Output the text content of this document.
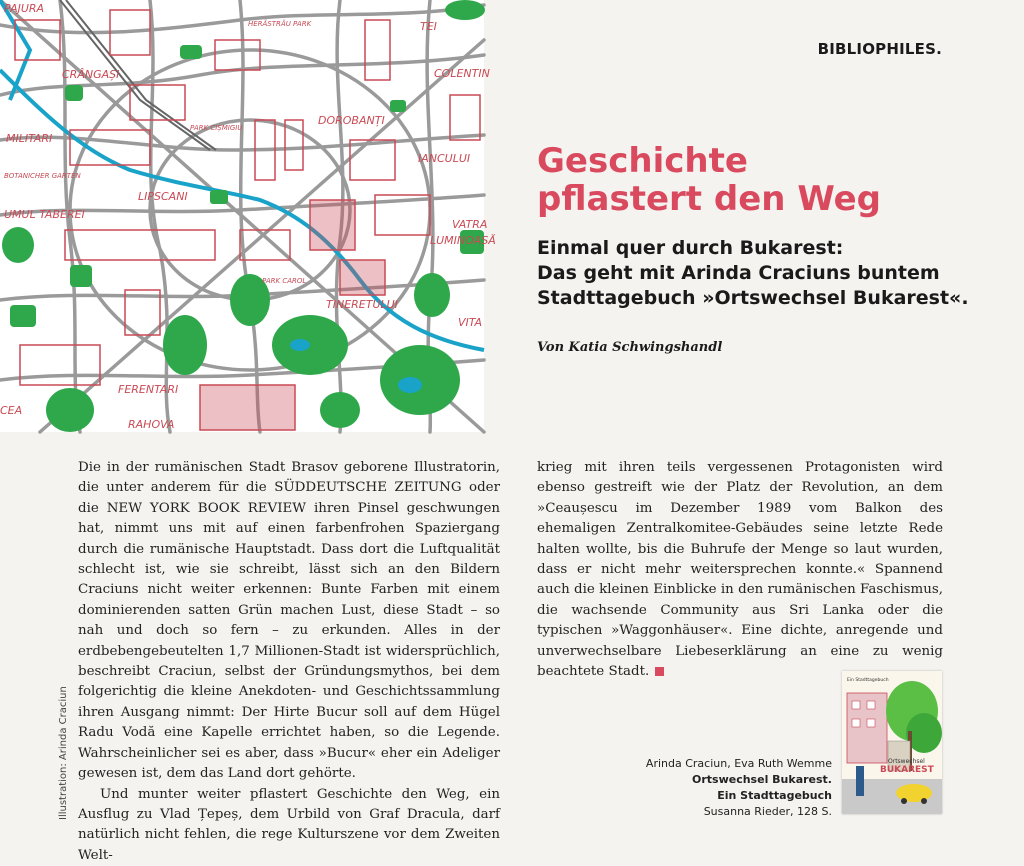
PAJURA
CRÂNGAȘI
MILITARI
LIPSCANI
UMUL TABEREI
FERENTARI
RAHOVA
TEI
COLENTIN
DOROBANȚI
IANCULUI
VATRA
LUMINOASĂ
TINERETULUI
VITA
CEA
HERĂSTRĂU PARK
PARK CIȘMIGIU
PARK CAROL
BOTANICHER GARTEN
BIBLIOPHILES.
Geschichte
pflastert den Weg
Einmal quer durch Bukarest:
Das geht mit Arinda Craciuns buntem
Stadttagebuch »Ortswechsel Bukarest«.
Von Katia Schwingshandl

Die in der rumänischen Stadt Brasov geborene Illustratorin, die unter anderem für die SÜDDEUTSCHE ZEITUNG oder die NEW YORK BOOK REVIEW ihren Pinsel geschwungen hat, nimmt uns mit auf einen farbenfrohen Spaziergang durch die rumänische Hauptstadt. Dass dort die Luftqualität schlecht ist, wie sie schreibt, lässt sich an den Bildern Craciuns nicht weiter erkennen: Bunte Farben mit einem dominierenden satten Grün machen Lust, diese Stadt – so nah und doch so fern – zu erkunden. Alles in der erdbebengebeutelten 1,7 Millionen-Stadt ist widersprüchlich, beschreibt Craciun, selbst der Gründungsmythos, bei dem folgerichtig die kleine Anekdoten- und Geschichtssammlung ihren Ausgang nimmt: Der Hirte Bucur soll auf dem Hügel Radu Vodă eine Kapelle errichtet haben, so die Legende. Wahrscheinlicher sei es aber, dass »Bucur« eher ein Adeliger gewesen ist, dem das Land dort gehörte.

Und munter weiter pflastert Geschichte den Weg, ein Ausflug zu Vlad Țepeș, dem Urbild von Graf Dracula, darf natürlich nicht fehlen, die rege Kulturszene vor dem Zweiten Welt-

krieg mit ihren teils vergessenen Protagonisten wird ebenso gestreift wie der Platz der Revolution, an dem »Ceaușescu im Dezember 1989 vom Balkon des ehemaligen Zentralkomitee-Gebäudes seine letzte Rede halten wollte, bis die Buhrufe der Menge so laut wurden, dass er nicht mehr weitersprechen konnte.« Spannend auch die kleinen Einblicke in den rumänischen Faschismus, die wachsende Community aus Sri Lanka oder die typischen »Waggonhäuser«. Eine dichte, anregende und unverwechselbare Liebeserklärung an eine zu wenig beachtete Stadt.

Illustration: Arinda Craciun	Arinda Craciun, Eva Ruth Wemme
Ortswechsel Bukarest.
Ein Stadttagebuch
Susanna Rieder, 128 S.
Ein Stadttagebuch
Ortswechsel
BUKAREST
